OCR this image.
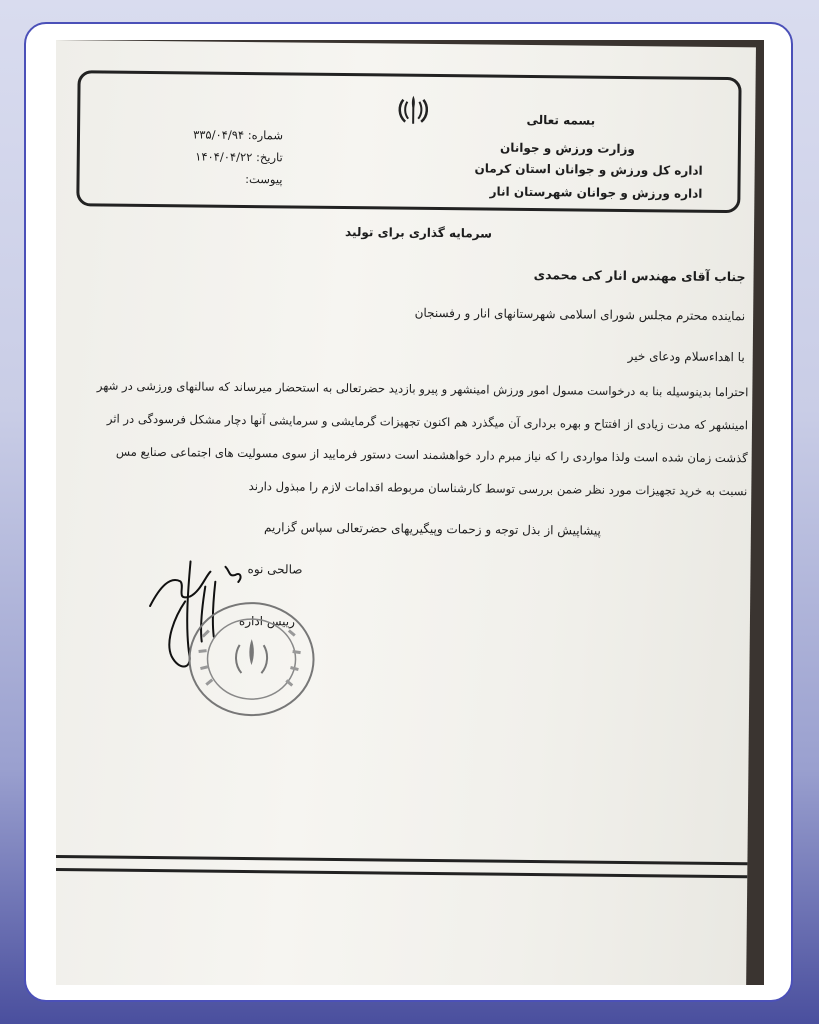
بسمه تعالی
وزارت ورزش و جوانان
اداره کل ورزش و جوانان استان کرمان
اداره ورزش و جوانان شهرستان انار
شماره: ۳۳۵/۰۴/۹۴
تاریخ: ۱۴۰۴/۰۴/۲۲
پیوست:
سرمایه گذاری برای تولید
جناب آقای مهندس انار کی محمدی
نماینده محترم مجلس شورای اسلامی شهرستانهای انار و رفسنجان
با اهداءسلام ودعای خیر
احتراما بدینوسیله بنا به درخواست مسول امور ورزش امینشهر و پیرو بازدید حضرتعالی به استحضار میرساند که سالنهای ورزشی در شهر
امینشهر که مدت زیادی از افتتاح و بهره برداری آن میگذرد هم اکنون تجهیزات گرمایشی و سرمایشی آنها دچار مشکل فرسودگی در اثر
گذشت زمان شده است ولذا مواردی را که نیاز مبرم دارد خواهشمند است دستور فرمایید از سوی مسولیت های اجتماعی صنایع مس
نسبت به خرید تجهیزات مورد نظر ضمن بررسی توسط کارشناسان مربوطه اقدامات لازم را مبذول دارند
پیشاپیش از بذل توجه و زحمات وپیگیریهای حضرتعالی سپاس گزاریم
صالحی نوه
رییس اداره
